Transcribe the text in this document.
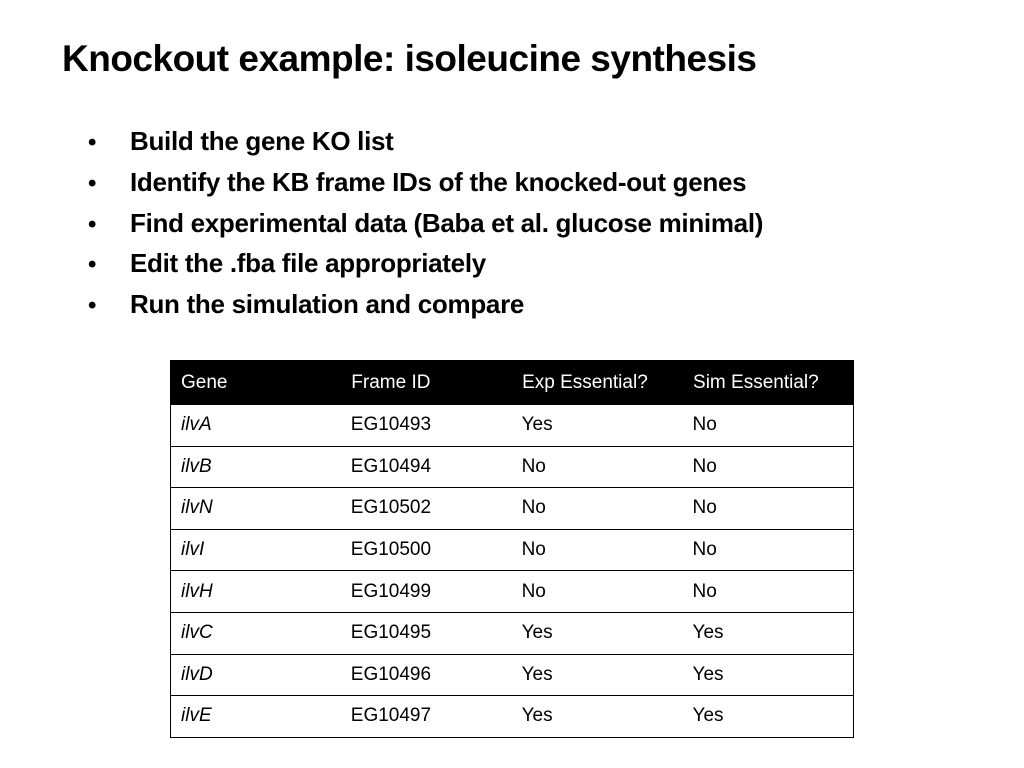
Knockout example: isoleucine synthesis
•	Build the gene KO list
•	Identify the KB frame IDs of the knocked-out genes
•	Find experimental data (Baba et al. glucose minimal)
•	Edit the .fba file appropriately
•	Run the simulation and compare
Gene	Frame ID	Exp Essential?	Sim Essential?
ilvA	EG10493	Yes	No
ilvB	EG10494	No	No
ilvN	EG10502	No	No
ilvI	EG10500	No	No
ilvH	EG10499	No	No
ilvC	EG10495	Yes	Yes
ilvD	EG10496	Yes	Yes
ilvE	EG10497	Yes	Yes
